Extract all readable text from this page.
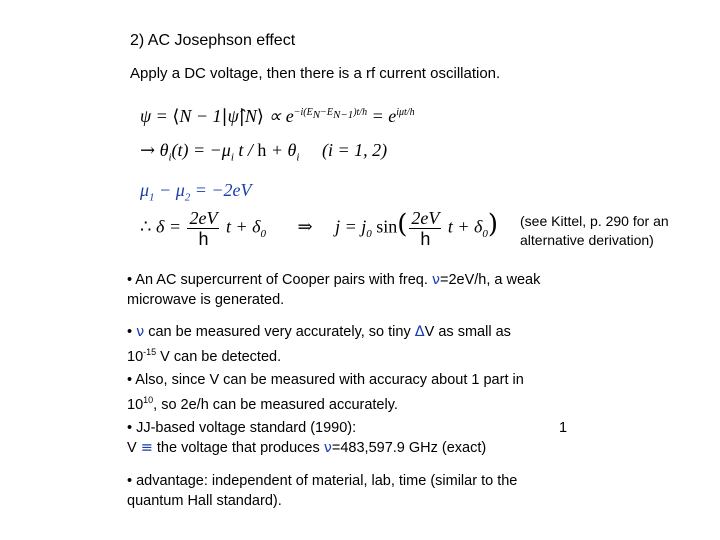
2) AC Josephson effect
Apply a DC voltage, then there is a rf current oscillation.
ψ = ⟨N − 1|ψ̂|N⟩ ∝ $e^{-i(EN-EN-1)t/h} = e^{i\mu t/h}$
→ $\theta_i(t) = -\mu_i$ $t / h + \theta_i$     (i = 1, 2)
$\mu_1 - \mu_2 = -2eV$
∴ $\delta = \frac{2eV}{h}$ $t + \delta_0$ ⇒     $j = j_0$ $\sin( \frac{2eV}{h}$ $t + \delta_0$) (see Kittel, p. 290 for an alternative derivation)
• An AC supercurrent of Cooper pairs with freq. ν=2eV/h, a weak microwave is generated.
• ν can be measured very accurately, so tiny ΔV as small as
$10^{-15}$ V can be detected.
• Also, since V can be measured with accuracy about 1 part in
$10^{10}$, so 2e/h can be measured accurately.
• JJ-based voltage standard (1990):	1

V ≡ the voltage that produces ν=483,597.9 GHz (exact)
• advantage: independent of material, lab, time (similar to the
quantum Hall standard).
